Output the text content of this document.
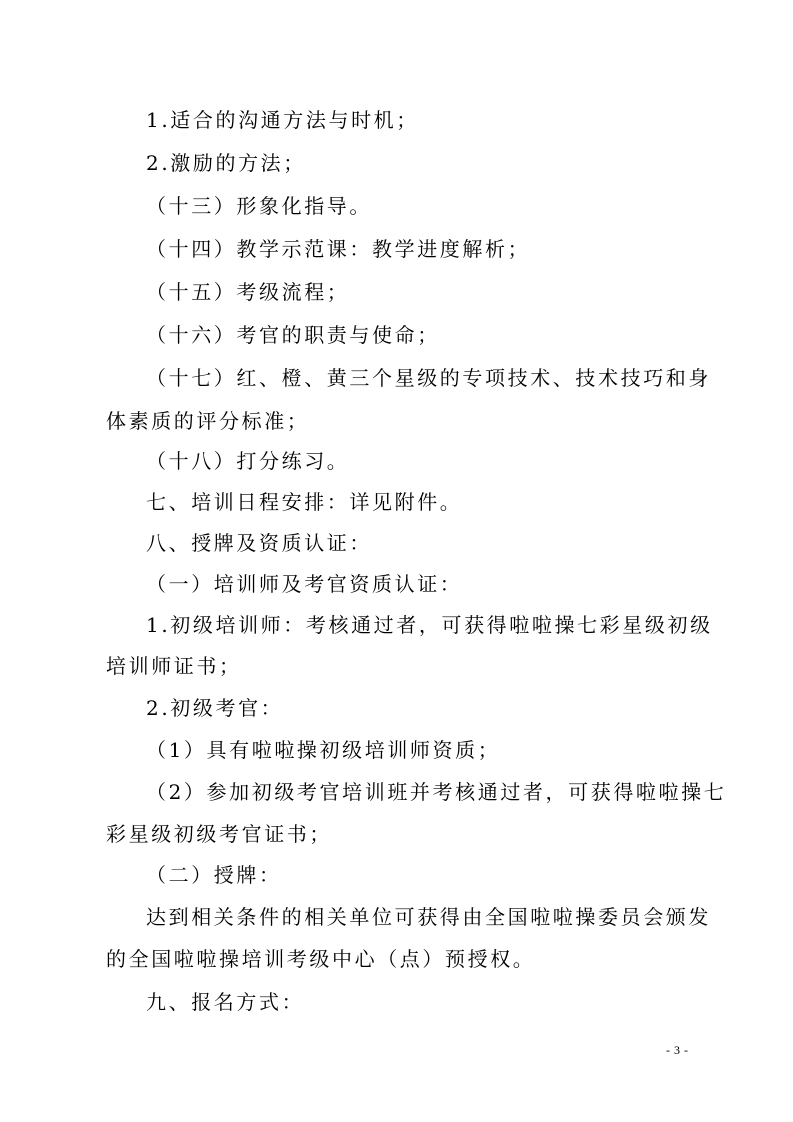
1.适合的沟通方法与时机；
2.激励的方法；
（十三）形象化指导。
（十四）教学示范课：教学进度解析；
（十五）考级流程；
（十六）考官的职责与使命；
（十七）红、橙、黄三个星级的专项技术、技术技巧和身
体素质的评分标准；
（十八）打分练习。
七、培训日程安排：详见附件。
八、授牌及资质认证：
（一）培训师及考官资质认证：
1.初级培训师：考核通过者，可获得啦啦操七彩星级初级
培训师证书；
2.初级考官：
（1）具有啦啦操初级培训师资质；
（2）参加初级考官培训班并考核通过者，可获得啦啦操七
彩星级初级考官证书；
（二）授牌：
达到相关条件的相关单位可获得由全国啦啦操委员会颁发
的全国啦啦操培训考级中心（点）预授权。
九、报名方式：
- 3 -
